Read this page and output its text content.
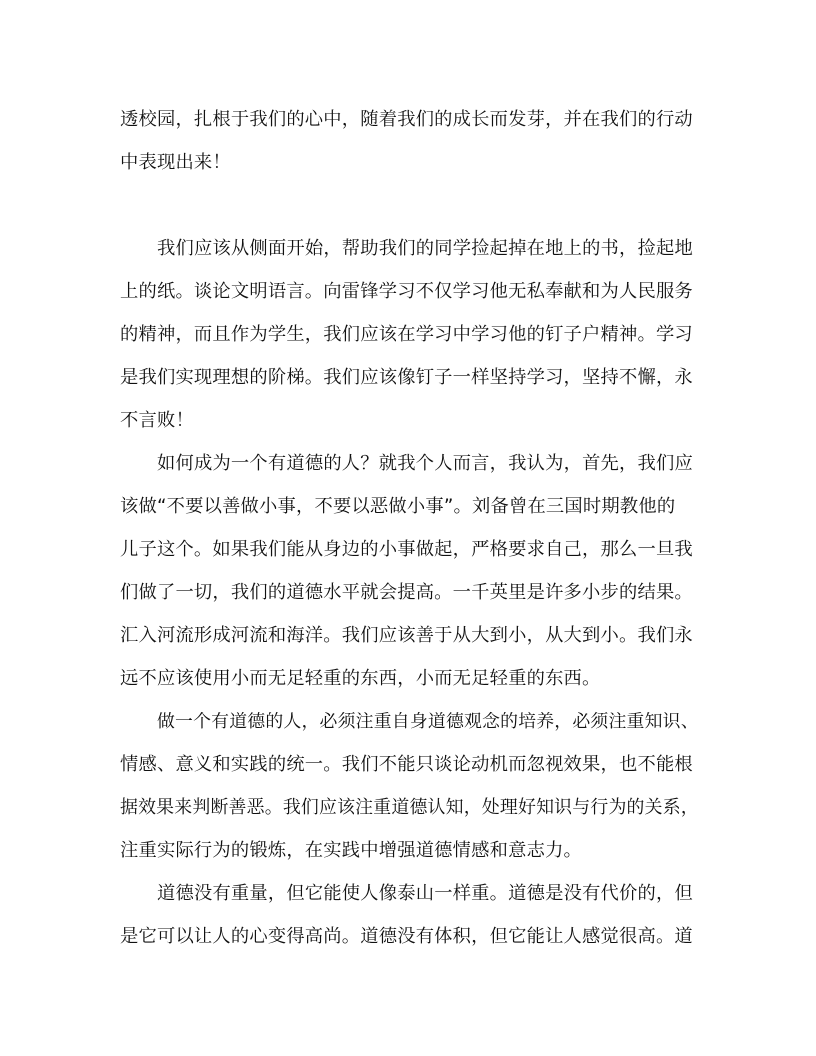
透校园，扎根于我们的心中，随着我们的成长而发芽，并在我们的行动
中表现出来！
我们应该从侧面开始，帮助我们的同学捡起掉在地上的书，捡起地
上的纸。谈论文明语言。向雷锋学习不仅学习他无私奉献和为人民服务
的精神，而且作为学生，我们应该在学习中学习他的钉子户精神。学习
是我们实现理想的阶梯。我们应该像钉子一样坚持学习，坚持不懈，永
不言败！
如何成为一个有道德的人？就我个人而言，我认为，首先，我们应
该做“不要以善做小事，不要以恶做小事”。刘备曾在三国时期教他的
儿子这个。如果我们能从身边的小事做起，严格要求自己，那么一旦我
们做了一切，我们的道德水平就会提高。一千英里是许多小步的结果。
汇入河流形成河流和海洋。我们应该善于从大到小，从大到小。我们永
远不应该使用小而无足轻重的东西，小而无足轻重的东西。
做一个有道德的人，必须注重自身道德观念的培养，必须注重知识、
情感、意义和实践的统一。我们不能只谈论动机而忽视效果，也不能根
据效果来判断善恶。我们应该注重道德认知，处理好知识与行为的关系，
注重实际行为的锻炼，在实践中增强道德情感和意志力。
道德没有重量，但它能使人像泰山一样重。道德是没有代价的，但
是它可以让人的心变得高尚。道德没有体积，但它能让人感觉很高。道
